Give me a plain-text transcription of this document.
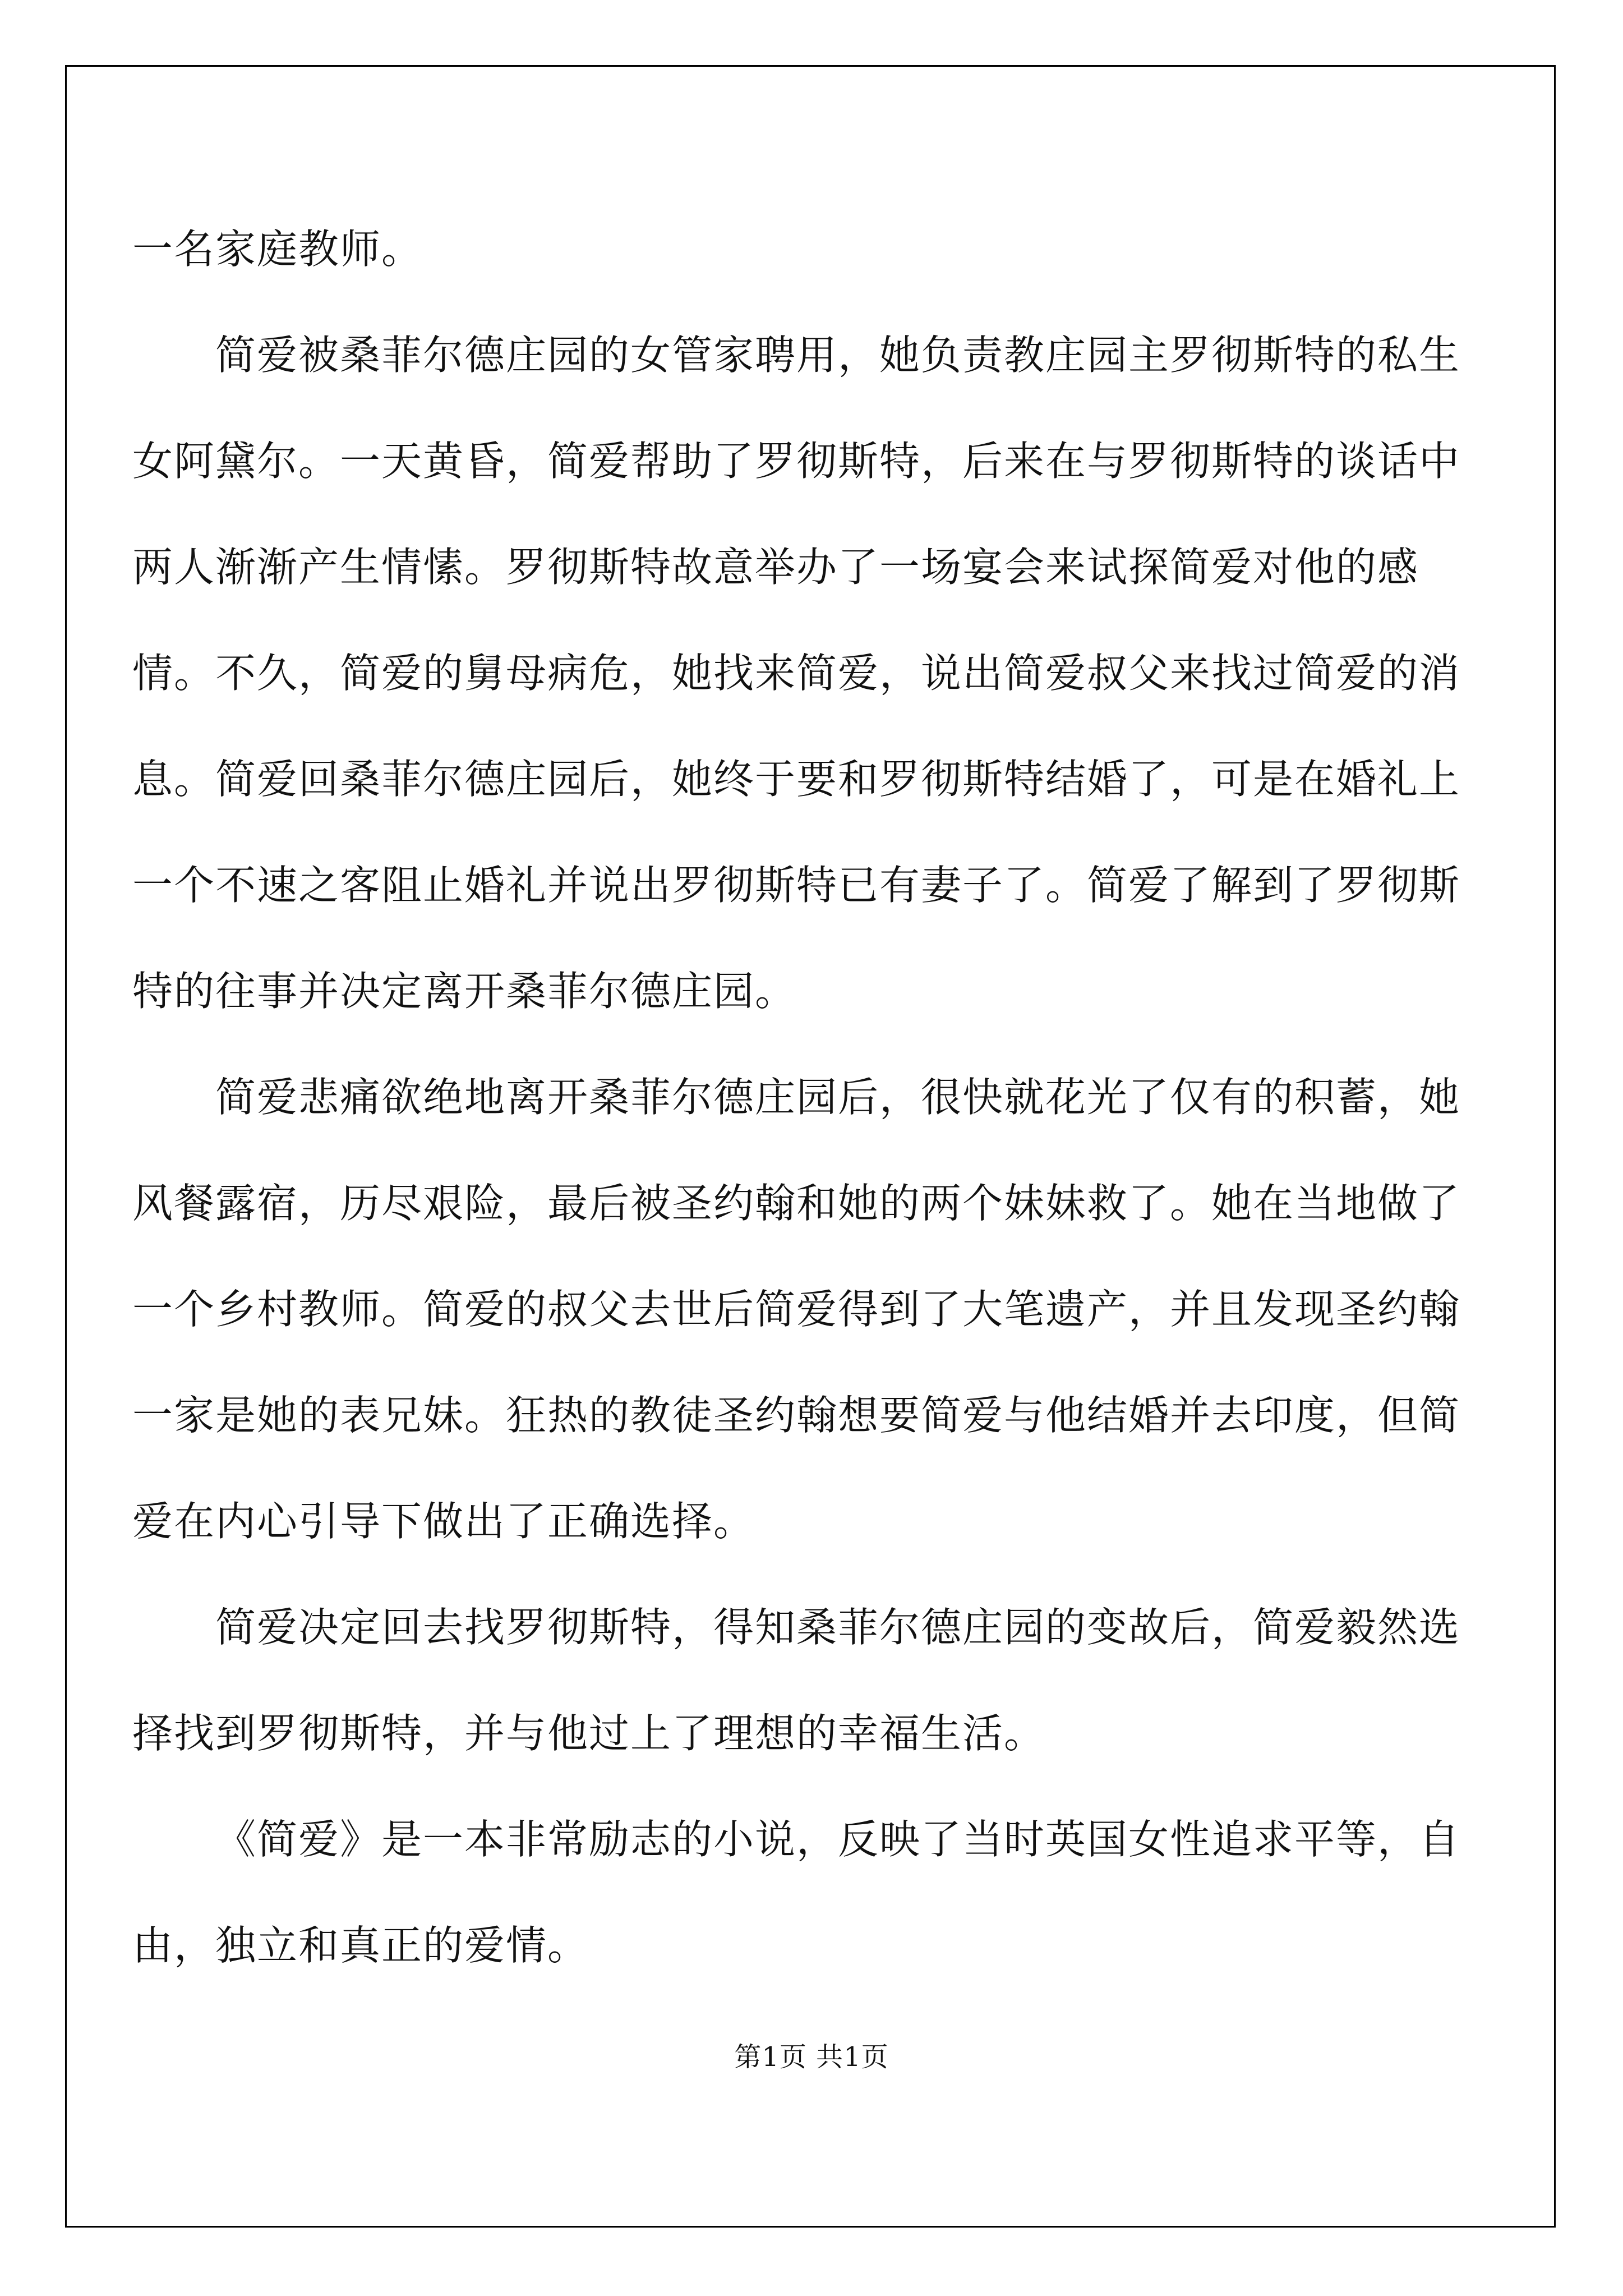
一名家庭教师。

简爱被桑菲尔德庄园的女管家聘用，她负责教庄园主罗彻斯特的私生女阿黛尔。一天黄昏，简爱帮助了罗彻斯特，后来在与罗彻斯特的谈话中两人渐渐产生情愫。罗彻斯特故意举办了一场宴会来试探简爱对他的感情。不久，简爱的舅母病危，她找来简爱，说出简爱叔父来找过简爱的消息。简爱回桑菲尔德庄园后，她终于要和罗彻斯特结婚了，可是在婚礼上一个不速之客阻止婚礼并说出罗彻斯特已有妻子了。简爱了解到了罗彻斯特的往事并决定离开桑菲尔德庄园。

简爱悲痛欲绝地离开桑菲尔德庄园后，很快就花光了仅有的积蓄，她风餐露宿，历尽艰险，最后被圣约翰和她的两个妹妹救了。她在当地做了一个乡村教师。简爱的叔父去世后简爱得到了大笔遗产，并且发现圣约翰一家是她的表兄妹。狂热的教徒圣约翰想要简爱与他结婚并去印度，但简爱在内心引导下做出了正确选择。

简爱决定回去找罗彻斯特，得知桑菲尔德庄园的变故后，简爱毅然选择找到罗彻斯特，并与他过上了理想的幸福生活。

《简爱》是一本非常励志的小说，反映了当时英国女性追求平等，自由，独立和真正的爱情。

第1页 共1页
